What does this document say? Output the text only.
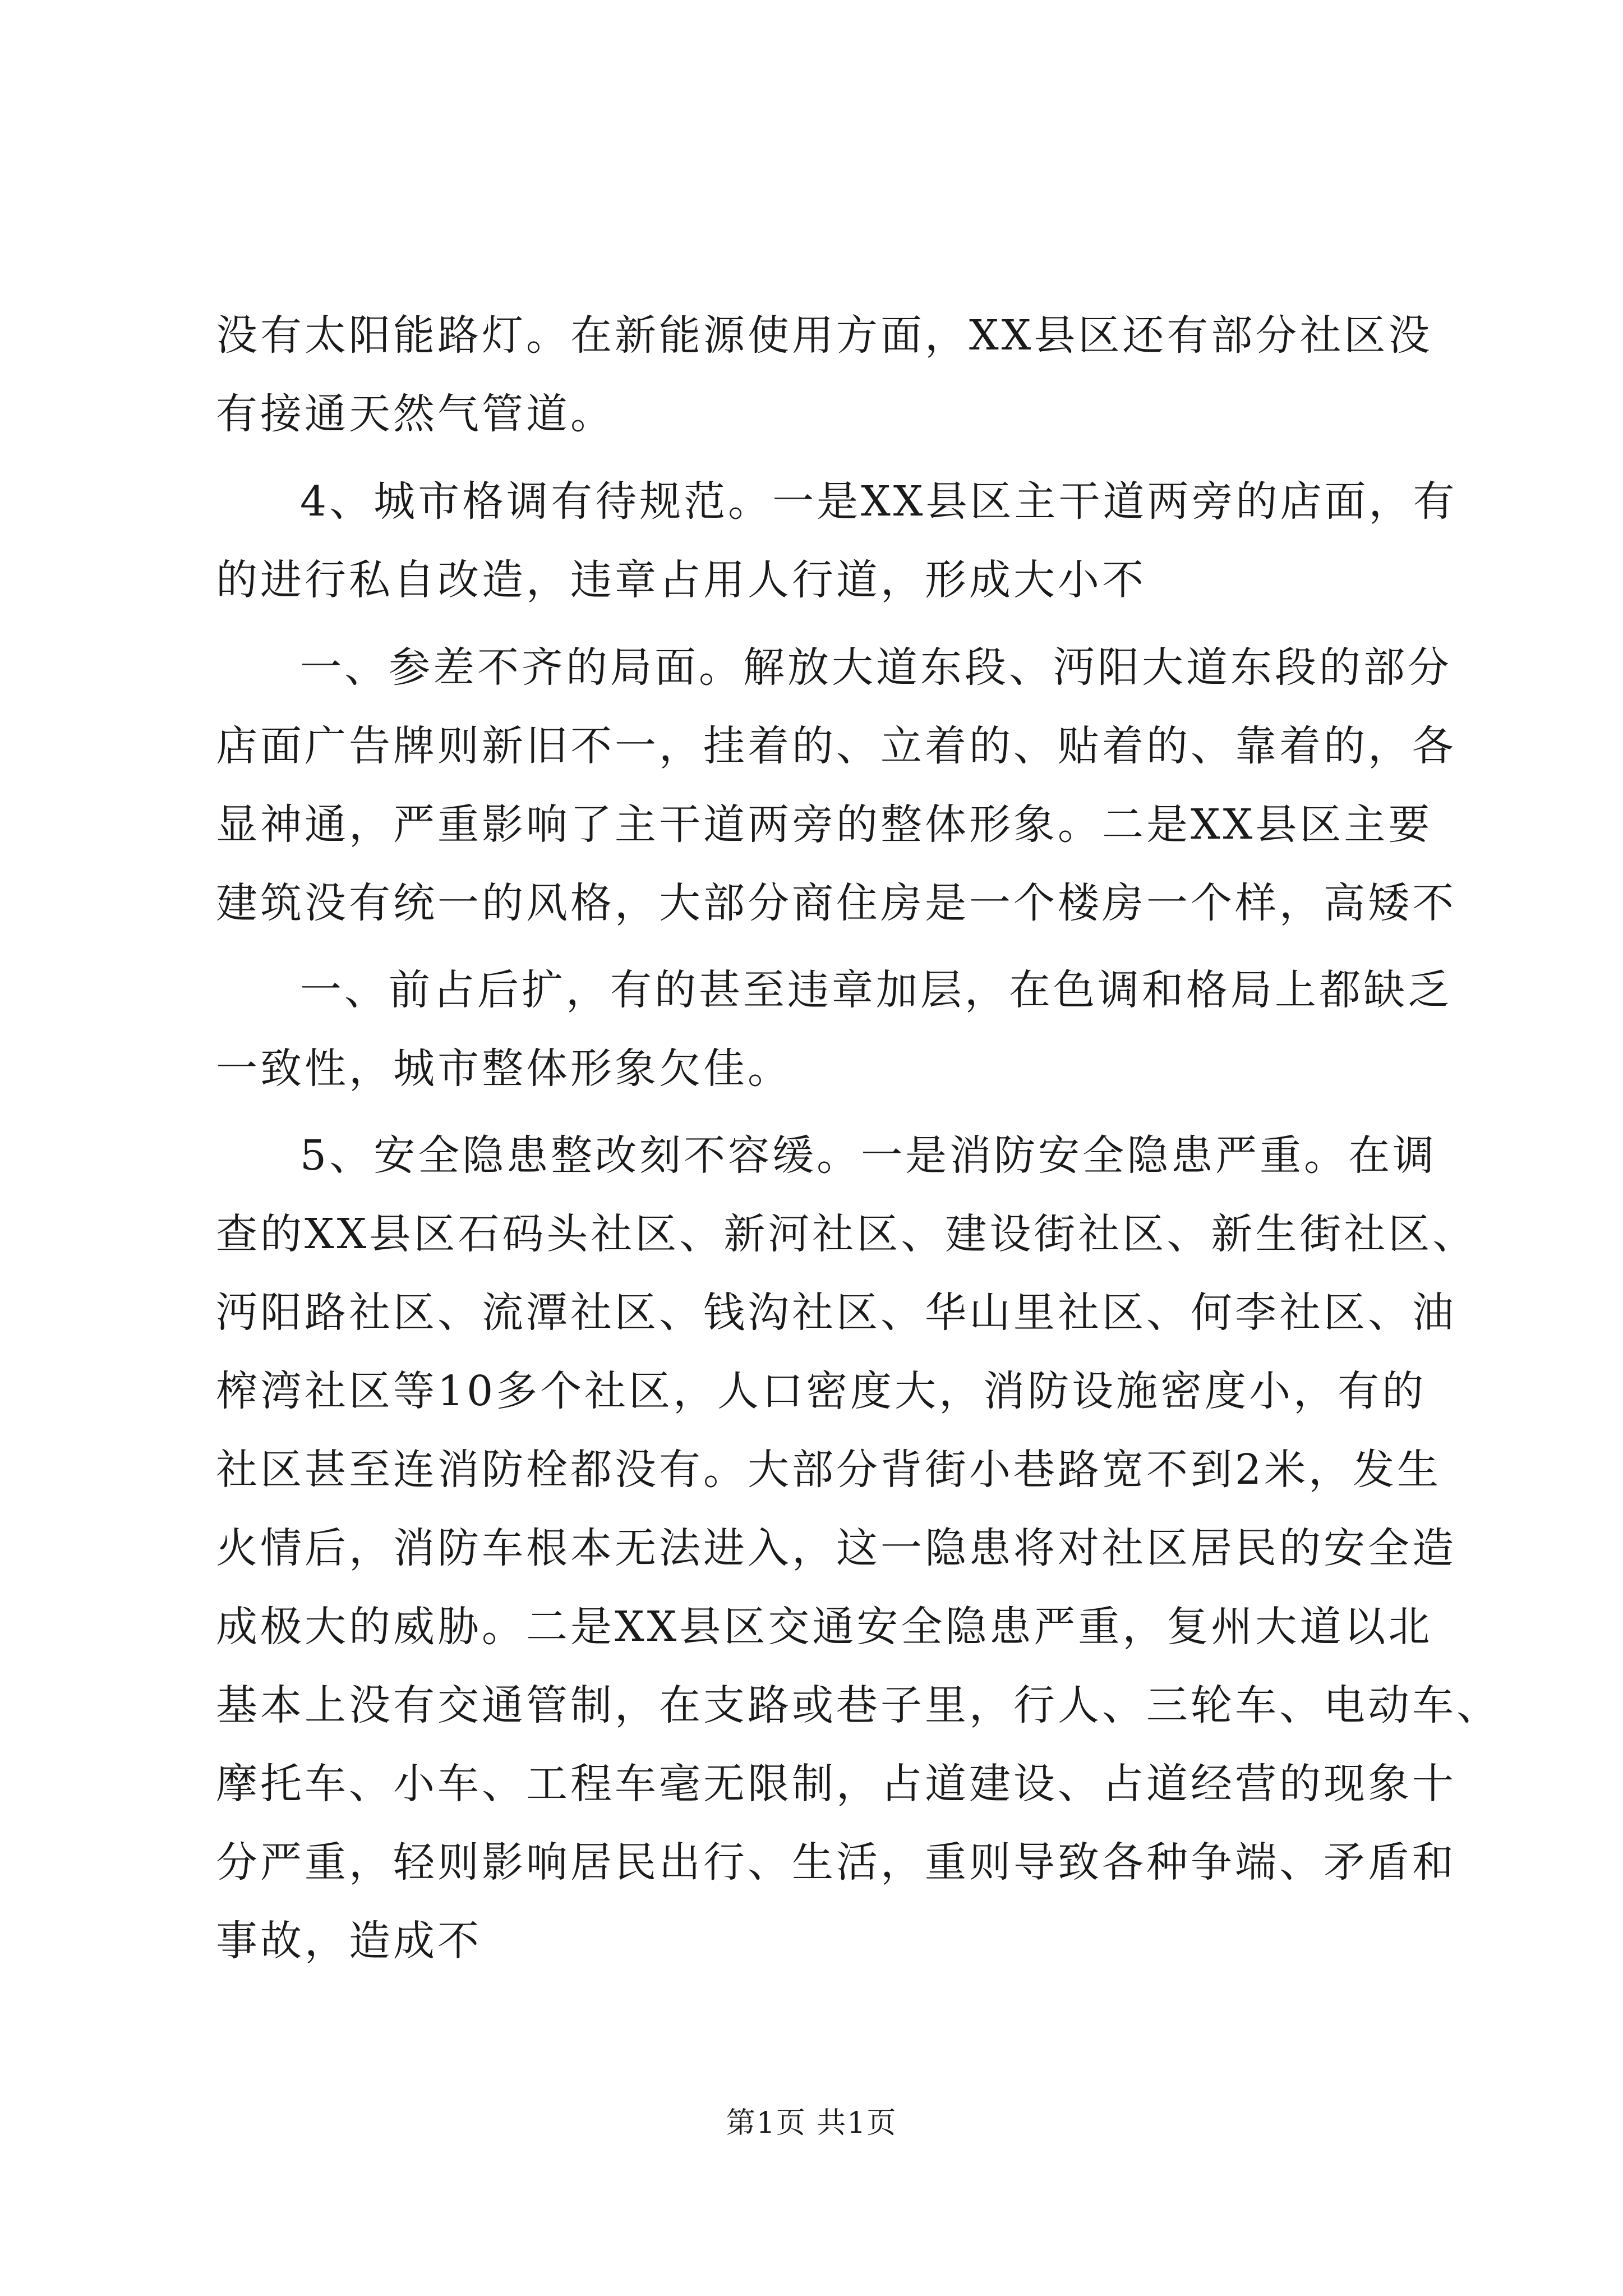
没有太阳能路灯。在新能源使用方面，XX县区还有部分社区没
有接通天然气管道。
4、城市格调有待规范。一是XX县区主干道两旁的店面，有
的进行私自改造，违章占用人行道，形成大小不
一、参差不齐的局面。解放大道东段、沔阳大道东段的部分
店面广告牌则新旧不一，挂着的、立着的、贴着的、靠着的，各
显神通，严重影响了主干道两旁的整体形象。二是XX县区主要
建筑没有统一的风格，大部分商住房是一个楼房一个样，高矮不
一、前占后扩，有的甚至违章加层，在色调和格局上都缺乏
一致性，城市整体形象欠佳。
5、安全隐患整改刻不容缓。一是消防安全隐患严重。在调
查的XX县区石码头社区、新河社区、建设街社区、新生街社区、
沔阳路社区、流潭社区、钱沟社区、华山里社区、何李社区、油
榨湾社区等10多个社区，人口密度大，消防设施密度小，有的
社区甚至连消防栓都没有。大部分背街小巷路宽不到2米，发生
火情后，消防车根本无法进入，这一隐患将对社区居民的安全造
成极大的威胁。二是XX县区交通安全隐患严重，复州大道以北
基本上没有交通管制，在支路或巷子里，行人、三轮车、电动车、
摩托车、小车、工程车毫无限制，占道建设、占道经营的现象十
分严重，轻则影响居民出行、生活，重则导致各种争端、矛盾和
事故，造成不
第1页 共1页
